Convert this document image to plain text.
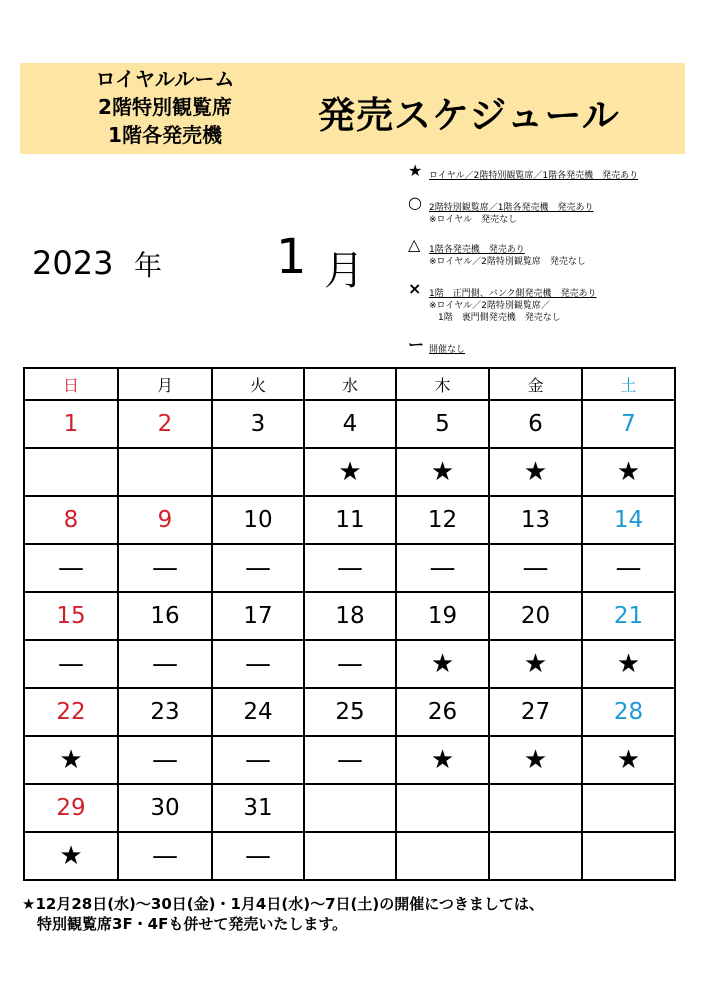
ロイヤルルーム
2階特別観覧席
1階各発売機	発売スケジュール
2023 年 1 月
★ ロイヤル／2階特別観覧席／1階各発売機　発売あり
○ 2階特別観覧席／1階各発売機　発売あり
※ロイヤル　発売なし
△ 1階各発売機　発売あり
※ロイヤル／2階特別観覧席　発売なし
× 1階　正門側、バンク側発売機　発売あり
※ロイヤル／2階特別観覧席／
　1階　裏門側発売機　発売なし
ー 開催なし
日	月	火	水	木	金	土
1	2	3	4	5	6	7
			★	★	★	★
8	9	10	11	12	13	14
—	—	—	—	—	—	—
15	16	17	18	19	20	21
—	—	—	—	★	★	★
22	23	24	25	26	27	28
★	—	—	—	★	★	★
29	30	31				
★	—	—				
★12月28日(水)～30日(金)・1月4日(水)～7日(土)の開催につきましては、
　特別観覧席3F・4Fも併せて発売いたします。
